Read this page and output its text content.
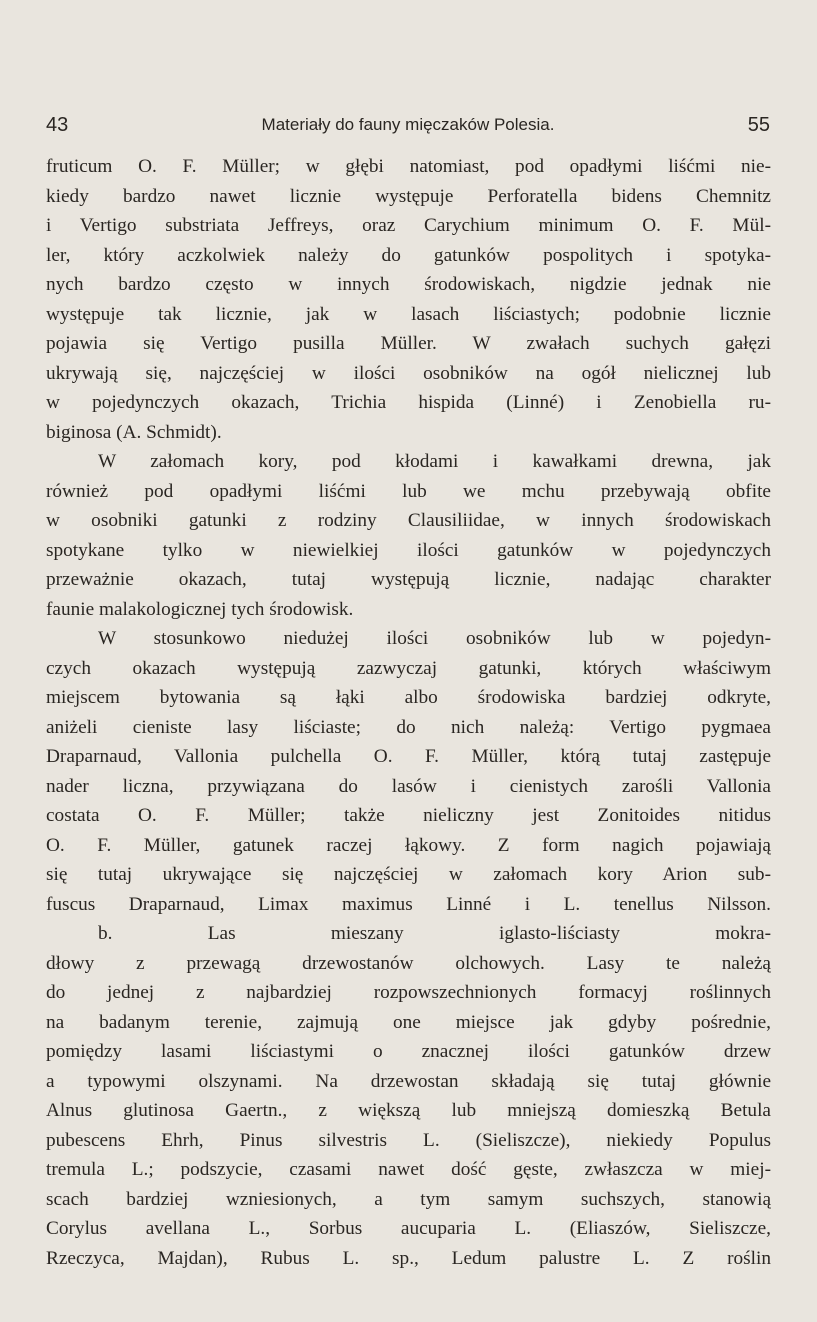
43	Materiały do fauny mięczaków Polesia.	55
fruticum O. F. Müller; w głębi natomiast, pod opadłymi liśćmi nie-
kiedy bardzo nawet licznie występuje Perforatella bidens Chemnitz
i Vertigo substriata Jeffreys, oraz Carychium minimum O. F. Mül-
ler, który aczkolwiek należy do gatunków pospolitych i spotyka-
nych bardzo często w innych środowiskach, nigdzie jednak nie
występuje tak licznie, jak w lasach liściastych; podobnie licznie
pojawia się Vertigo pusilla Müller. W zwałach suchych gałęzi
ukrywają się, najczęściej w ilości osobników na ogół nielicznej lub
w pojedynczych okazach, Trichia hispida (Linné) i Zenobiella ru-
biginosa (A. Schmidt).
W załomach kory, pod kłodami i kawałkami drewna, jak
również pod opadłymi liśćmi lub we mchu przebywają obfite
w osobniki gatunki z rodziny Clausiliidae, w innych środowiskach
spotykane tylko w niewielkiej ilości gatunków w pojedynczych
przeważnie okazach, tutaj występują licznie, nadając charakter
faunie malakologicznej tych środowisk.
W stosunkowo niedużej ilości osobników lub w pojedyn-
czych okazach występują zazwyczaj gatunki, których właściwym
miejscem bytowania są łąki albo środowiska bardziej odkryte,
aniżeli cieniste lasy liściaste; do nich należą: Vertigo pygmaea
Draparnaud, Vallonia pulchella O. F. Müller, którą tutaj zastępuje
nader liczna, przywiązana do lasów i cienistych zarośli Vallonia
costata O. F. Müller; także nieliczny jest Zonitoides nitidus
O. F. Müller, gatunek raczej łąkowy. Z form nagich pojawiają
się tutaj ukrywające się najczęściej w załomach kory Arion sub-
fuscus Draparnaud, Limax maximus Linné i L. tenellus Nilsson.
b. Las mieszany iglasto-liściasty mokra-
dłowy z przewagą drzewostanów olchowych. Lasy te należą
do jednej z najbardziej rozpowszechnionych formacyj roślinnych
na badanym terenie, zajmują one miejsce jak gdyby pośrednie,
pomiędzy lasami liściastymi o znacznej ilości gatunków drzew
a typowymi olszynami. Na drzewostan składają się tutaj głównie
Alnus glutinosa Gaertn., z większą lub mniejszą domieszką Betula
pubescens Ehrh, Pinus silvestris L. (Sieliszcze), niekiedy Populus
tremula L.; podszycie, czasami nawet dość gęste, zwłaszcza w miej-
scach bardziej wzniesionych, a tym samym suchszych, stanowią
Corylus avellana L., Sorbus aucuparia L. (Eliaszów, Sieliszcze,
Rzeczyca, Majdan), Rubus L. sp., Ledum palustre L. Z roślin
